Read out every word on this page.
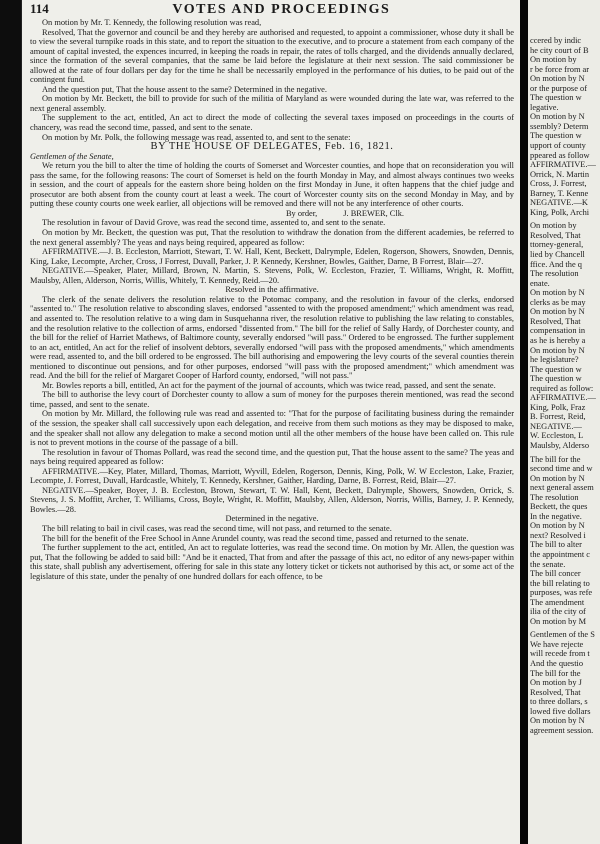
114	VOTES AND PROCEEDINGS

On motion by Mr. T. Kennedy, the following resolution was read,

Resolved, That the governor and council be and they hereby are authorised and requested, to appoint a commissioner, whose duty it shall be to view the several turnpike roads in this state, and to report the situation to the executive, and to procure a statement from each company of the amount of capital invested, the expences incurred, in keeping the roads in repair, the rates of tolls charged, and the dividends annually declared, since the formation of the several companies, that the same be laid before the legislature at their next session. The said commissioner be allowed at the rate of four dollars per day for the time he shall be necessarily employed in the performance of his duties, to be paid out of the contingent fund.

And the question put, That the house assent to the same? Determined in the negative.

On motion by Mr. Beckett, the bill to provide for such of the militia of Maryland as were wounded during the late war, was referred to the next general assembly.

The supplement to the act, entitled, An act to direct the mode of collecting the several taxes imposed on proceedings in the courts of chancery, was read the second time, passed, and sent to the senate.

On motion by Mr. Polk, the following message was read, assented to, and sent to the senate:

BY THE HOUSE OF DELEGATES, Feb. 16, 1821.

Gentlemen of the Senate,

We return you the bill to alter the time of holding the courts of Somerset and Worcester counties, and hope that on reconsideration you will pass the same, for the following reasons: The court of Somerset is held on the fourth Monday in May, and almost always continues two weeks in session, and the court of appeals for the eastern shore being holden on the first Monday in June, it often happens that the chief judge and prosecutor are both absent from the county court at least a week. The court of Worcester county sits on the second Monday in May, and by putting these county courts one week earlier, all objections will be removed and there will not be any interference of other courts.

By order,	J. BREWER, Clk.

The resolution in favour of David Grove, was read the second time, assented to, and sent to the senate.

On motion by Mr. Beckett, the question was put, That the resolution to withdraw the donation from the different academies, be referred to the next general assembly? The yeas and nays being required, appeared as follow:

AFFIRMATIVE.—J. B. Eccleston, Marriott, Stewart, T. W. Hall, Kent, Beckett, Dalrymple, Edelen, Rogerson, Showers, Snowden, Dennis, King, Lake, Lecompte, Archer, Cross, J Forrest, Duvall, Parker, J. P. Kennedy, Kershner, Bowles, Gaither, Darne, B Forrest, Blair—27.

NEGATIVE.—Speaker, Plater, Millard, Brown, N. Martin, S. Stevens, Polk, W. Eccleston, Frazier, T. Williams, Wright, R. Moffitt, Maulsby, Allen, Alderson, Norris, Willis, Whitely, T. Kennedy, Reid.—20.

Resolved in the affirmative.

The clerk of the senate delivers the resolution relative to the Potomac company, and the resolution in favour of the clerks, endorsed "assented to." The resolution relative to absconding slaves, endorsed "assented to with the proposed amendment;" which amendment was read, and assented to. The resolution relative to a wing dam in Susquehanna river, the resolution relative to publishing the law relating to constables, and the resolution relative to the collection of arms, endorsed "dissented from." The bill for the relief of Sally Hardy, of Dorchester county, and the bill for the relief of Harriet Mathews, of Baltimore county, severally endorsed "will pass." Ordered to be engrossed. The further supplement to an act, entitled, An act for the relief of insolvent debtors, severally endorsed "will pass with the proposed amendments," which amendments were read, assented to, and the bill ordered to be engrossed. The bill authorising and empowering the levy courts of the several counties therein mentioned to discontinue out pensions, and for other purposes, endorsed "will pass with the proposed amendment;" which amendment was read. And the bill for the relief of Margaret Cooper of Harford county, endorsed, "will not pass."

Mr. Bowles reports a bill, entitled, An act for the payment of the journal of accounts, which was twice read, passed, and sent the senate.

The bill to authorise the levy court of Dorchester county to allow a sum of money for the purposes therein mentioned, was read the second time, passed, and sent to the senate.

On motion by Mr. Millard, the following rule was read and assented to: "That for the purpose of facilitating business during the remainder of the session, the speaker shall call successively upon each delegation, and receive from them such motions as they may be disposed to make, and the speaker shall not allow any delegation to make a second motion until all the other members of the house have been called on. This rule is not to prevent motions in the course of the passage of a bill.

The resolution in favour of Thomas Pollard, was read the second time, and the question put, That the house assent to the same? The yeas and nays being required appeared as follow:

AFFIRMATIVE.—Key, Plater, Millard, Thomas, Marriott, Wyvill, Edelen, Rogerson, Dennis, King, Polk, W. W Eccleston, Lake, Frazier, Lecompte, J. Forrest, Duvall, Hardcastle, Whitely, T. Kennedy, Kershner, Gaither, Harding, Darne, B. Forrest, Reid, Blair—27.

NEGATIVE.—Speaker, Boyer, J. B. Eccleston, Brown, Stewart, T. W. Hall, Kent, Beckett, Dalrymple, Showers, Snowden, Orrick, S. Stevens, J. S. Moffitt, Archer, T. Williams, Cross, Boyle, Wright, R. Moffitt, Maulsby, Allen, Alderson, Norris, Willis, Barney, J. P. Kennedy, Bowles.—28.

Determined in the negative.

The bill relating to bail in civil cases, was read the second time, will not pass, and returned to the senate.

The bill for the benefit of the Free School in Anne Arundel county, was read the second time, passed and returned to the senate.

The further supplement to the act, entitled, An act to regulate lotteries, was read the second time. On motion by Mr. Allen, the question was put, That the following be added to said bill: "And be it enacted, That from and after the passage of this act, no editor of any news-paper within this state, shall publish any advertisement, offering for sale in this state any lottery ticket or tickets not authorised by this act, or some act of the legislature of this state, under the penalty of one hundred dollars for each offence, to be

ccered by indic
he city court of B
On motion by
r be force from ar
On motion by N
or the purpose of
The question w
legative.
On motion by N
ssembly? Determ
The question w
upport of county
ppeared as follow
AFFIRMATIVE.—
Orrick, N. Martin
Cross, J. Forrest,
Barney, T. Kenne
NEGATIVE.—K
King, Polk, Archi
On motion by
Resolved, That
ttorney-general,
lied by Chancell
ffice. And the q
The resolution
enate.
On motion by N
clerks as be may
On motion by N
Resolved, That
compensation in
as he is hereby a
On motion by N
he legislature?
The question w
The question w
required as follow:
AFFIRMATIVE.—
King, Polk, Fraz
B. Forrest, Reid,
NEGATIVE.—
W. Eccleston, L
Maulsby, Alderso
The bill for the
second time and w
On motion by N
next general assem
The resolution
Beckett, the ques
In the negative.
On motion by N
next? Resolved i
The bill to alter
the appointment c
the senate.
The bill concer
the bill relating to
purposes, was refe
The amendment
ilia of the city of
On motion by M
Gentlemen of the S
We have rejecte
will recede from t
And the questio
The bill for the
On motion by J
Resolved, That
to three dollars, s
lowed five dollars
On motion by N
agreement session.
